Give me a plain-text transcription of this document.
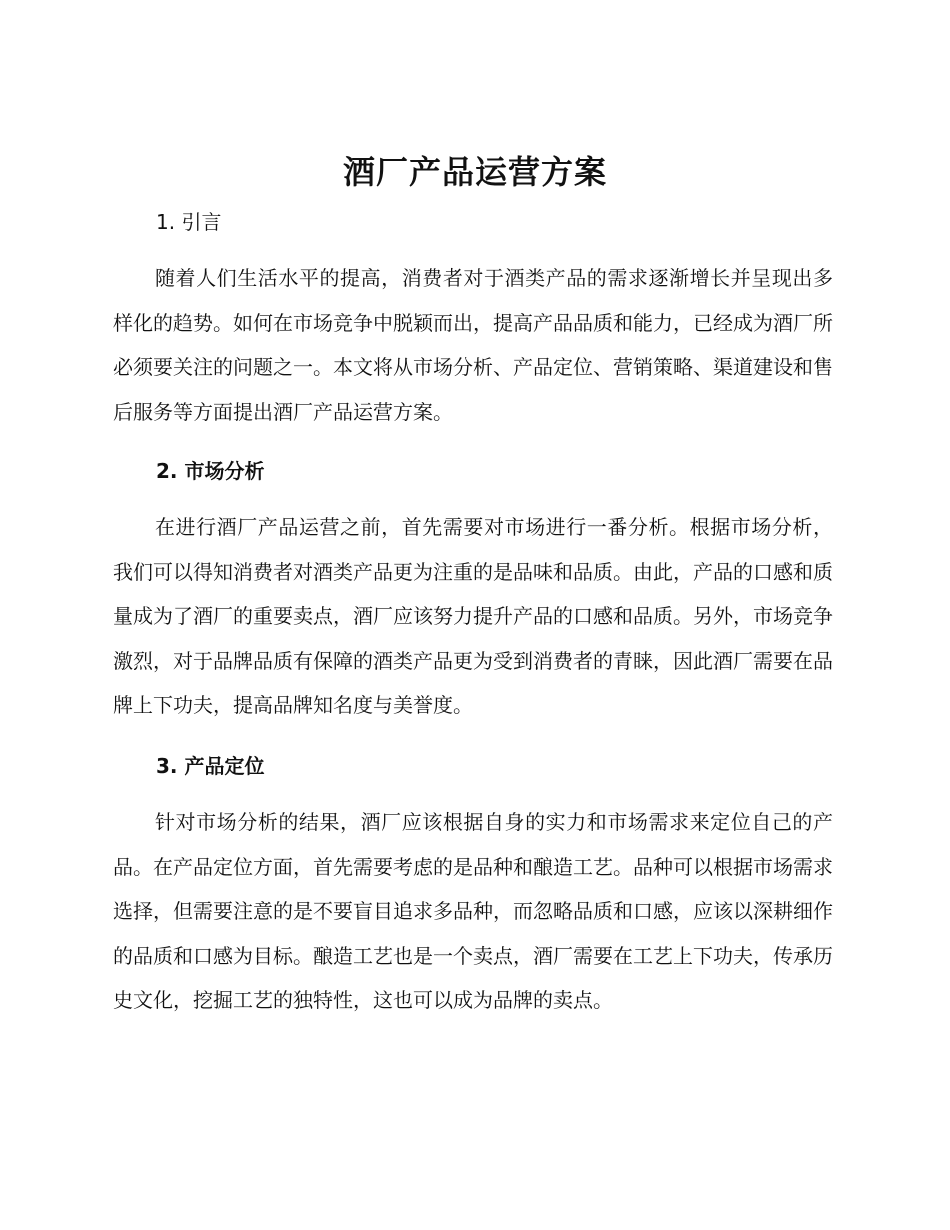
酒厂产品运营方案
1. 引言

随着人们生活水平的提高，消费者对于酒类产品的需求逐渐增长并呈现出多样化的趋势。如何在市场竞争中脱颖而出，提高产品品质和能力，已经成为酒厂所必须要关注的问题之一。本文将从市场分析、产品定位、营销策略、渠道建设和售后服务等方面提出酒厂产品运营方案。

2. 市场分析

在进行酒厂产品运营之前，首先需要对市场进行一番分析。根据市场分析，我们可以得知消费者对酒类产品更为注重的是品味和品质。由此，产品的口感和质量成为了酒厂的重要卖点，酒厂应该努力提升产品的口感和品质。另外，市场竞争激烈，对于品牌品质有保障的酒类产品更为受到消费者的青睐，因此酒厂需要在品牌上下功夫，提高品牌知名度与美誉度。

3. 产品定位

针对市场分析的结果，酒厂应该根据自身的实力和市场需求来定位自己的产品。在产品定位方面，首先需要考虑的是品种和酿造工艺。品种可以根据市场需求选择，但需要注意的是不要盲目追求多品种，而忽略品质和口感，应该以深耕细作的品质和口感为目标。酿造工艺也是一个卖点，酒厂需要在工艺上下功夫，传承历史文化，挖掘工艺的独特性，这也可以成为品牌的卖点。
